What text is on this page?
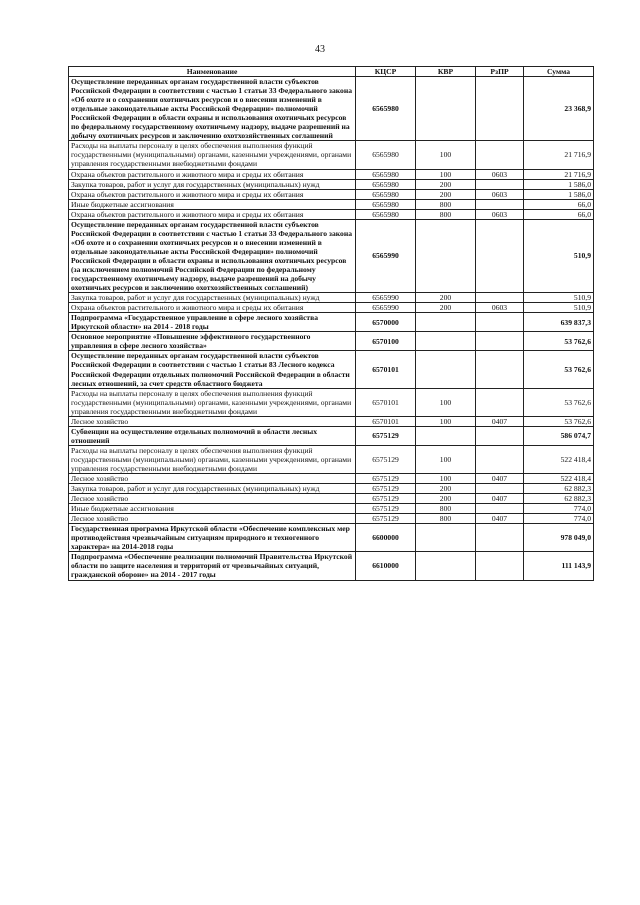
43
Наименование	КЦСР	КВР	РзПР	Сумма
Осуществление переданных органам государственной власти субъектов Российской Федерации в соответствии с частью 1 статьи 33 Федерального закона «Об охоте и о сохранении охотничьих ресурсов и о внесении изменений в отдельные законодательные акты Российской Федерации» полномочий Российской Федерации в области охраны и использования охотничьих ресурсов по федеральному государственному охотничьему надзору, выдаче разрешений на добычу охотничьих ресурсов и заключению охотхозяйственных соглашений	6565980			23 368,9
Расходы на выплаты персоналу в целях обеспечения выполнения функций государственными (муниципальными) органами, казенными учреждениями, органами управления государственными внебюджетными фондами	6565980	100		21 716,9
Охрана объектов растительного и животного мира и среды их обитания	6565980	100	0603	21 716,9
Закупка товаров, работ и услуг для государственных (муниципальных) нужд	6565980	200		1 586,0
Охрана объектов растительного и животного мира и среды их обитания	6565980	200	0603	1 586,0
Иные бюджетные ассигнования	6565980	800		66,0
Охрана объектов растительного и животного мира и среды их обитания	6565980	800	0603	66,0
Осуществление переданных органам государственной власти субъектов Российской Федерации в соответствии с частью 1 статьи 33 Федерального закона «Об охоте и о сохранении охотничьих ресурсов и о внесении изменений в отдельные законодательные акты Российской Федерации» полномочий Российской Федерации в области охраны и использования охотничьих ресурсов (за исключением полномочий Российской Федерации по федеральному государственному охотничьему надзору, выдаче разрешений на добычу охотничьих ресурсов и заключению охотхозяйственных соглашений)	6565990			510,9
Закупка товаров, работ и услуг для государственных (муниципальных) нужд	6565990	200		510,9
Охрана объектов растительного и животного мира и среды их обитания	6565990	200	0603	510,9
Подпрограмма «Государственное управление в сфере лесного хозяйства Иркутской области» на 2014 - 2018 годы	6570000			639 837,3
Основное мероприятие «Повышение эффективного государственного управления в сфере лесного хозяйства»	6570100			53 762,6
Осуществление переданных органам государственной власти субъектов Российской Федерации в соответствии с частью 1 статьи 83 Лесного кодекса Российской Федерации отдельных полномочий Российской Федерации в области лесных отношений, за счет средств областного бюджета	6570101			53 762,6
Расходы на выплаты персоналу в целях обеспечения выполнения функций государственными (муниципальными) органами, казенными учреждениями, органами управления государственными внебюджетными фондами	6570101	100		53 762,6
Лесное хозяйство	6570101	100	0407	53 762,6
Субвенции на осуществление отдельных полномочий в области лесных отношений	6575129			586 074,7
Расходы на выплаты персоналу в целях обеспечения выполнения функций государственными (муниципальными) органами, казенными учреждениями, органами управления государственными внебюджетными фондами	6575129	100		522 418,4
Лесное хозяйство	6575129	100	0407	522 418,4
Закупка товаров, работ и услуг для государственных (муниципальных) нужд	6575129	200		62 882,3
Лесное хозяйство	6575129	200	0407	62 882,3
Иные бюджетные ассигнования	6575129	800		774,0
Лесное хозяйство	6575129	800	0407	774,0
Государственная программа Иркутской области «Обеспечение комплексных мер противодействия чрезвычайным ситуациям природного и техногенного характера» на 2014-2018 годы	6600000			978 049,0
Подпрограмма «Обеспечение реализации полномочий Правительства Иркутской области по защите населения и территорий от чрезвычайных ситуаций, гражданской обороне» на 2014 - 2017 годы	6610000			111 143,9
